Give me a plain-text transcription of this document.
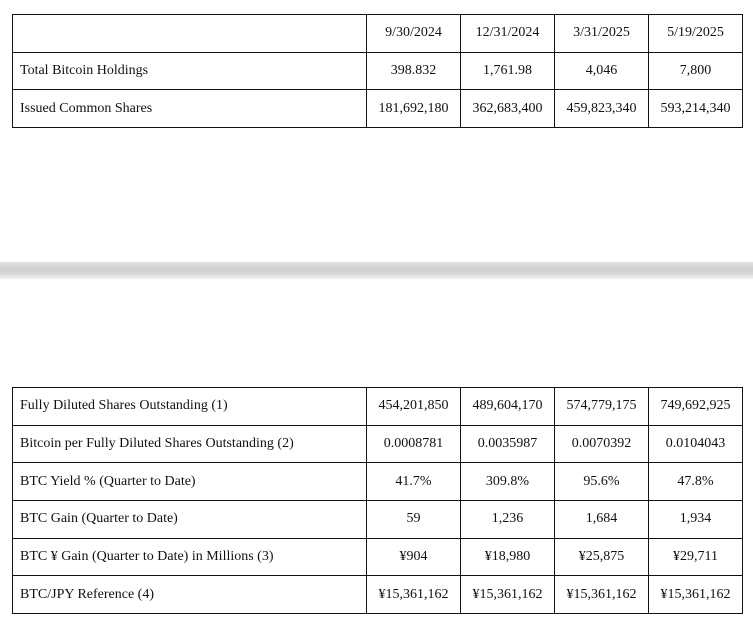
	9/30/2024	12/31/2024	3/31/2025	5/19/2025
Total Bitcoin Holdings	398.832	1,761.98	4,046	7,800
Issued Common Shares	181,692,180	362,683,400	459,823,340	593,214,340
Fully Diluted Shares Outstanding (1)	454,201,850	489,604,170	574,779,175	749,692,925
Bitcoin per Fully Diluted Shares Outstanding (2)	0.0008781	0.0035987	0.0070392	0.0104043
BTC Yield % (Quarter to Date)	41.7%	309.8%	95.6%	47.8%
BTC Gain (Quarter to Date)	59	1,236	1,684	1,934
BTC ¥ Gain (Quarter to Date) in Millions (3)	¥904	¥18,980	¥25,875	¥29,711
BTC/JPY Reference (4)	¥15,361,162	¥15,361,162	¥15,361,162	¥15,361,162
